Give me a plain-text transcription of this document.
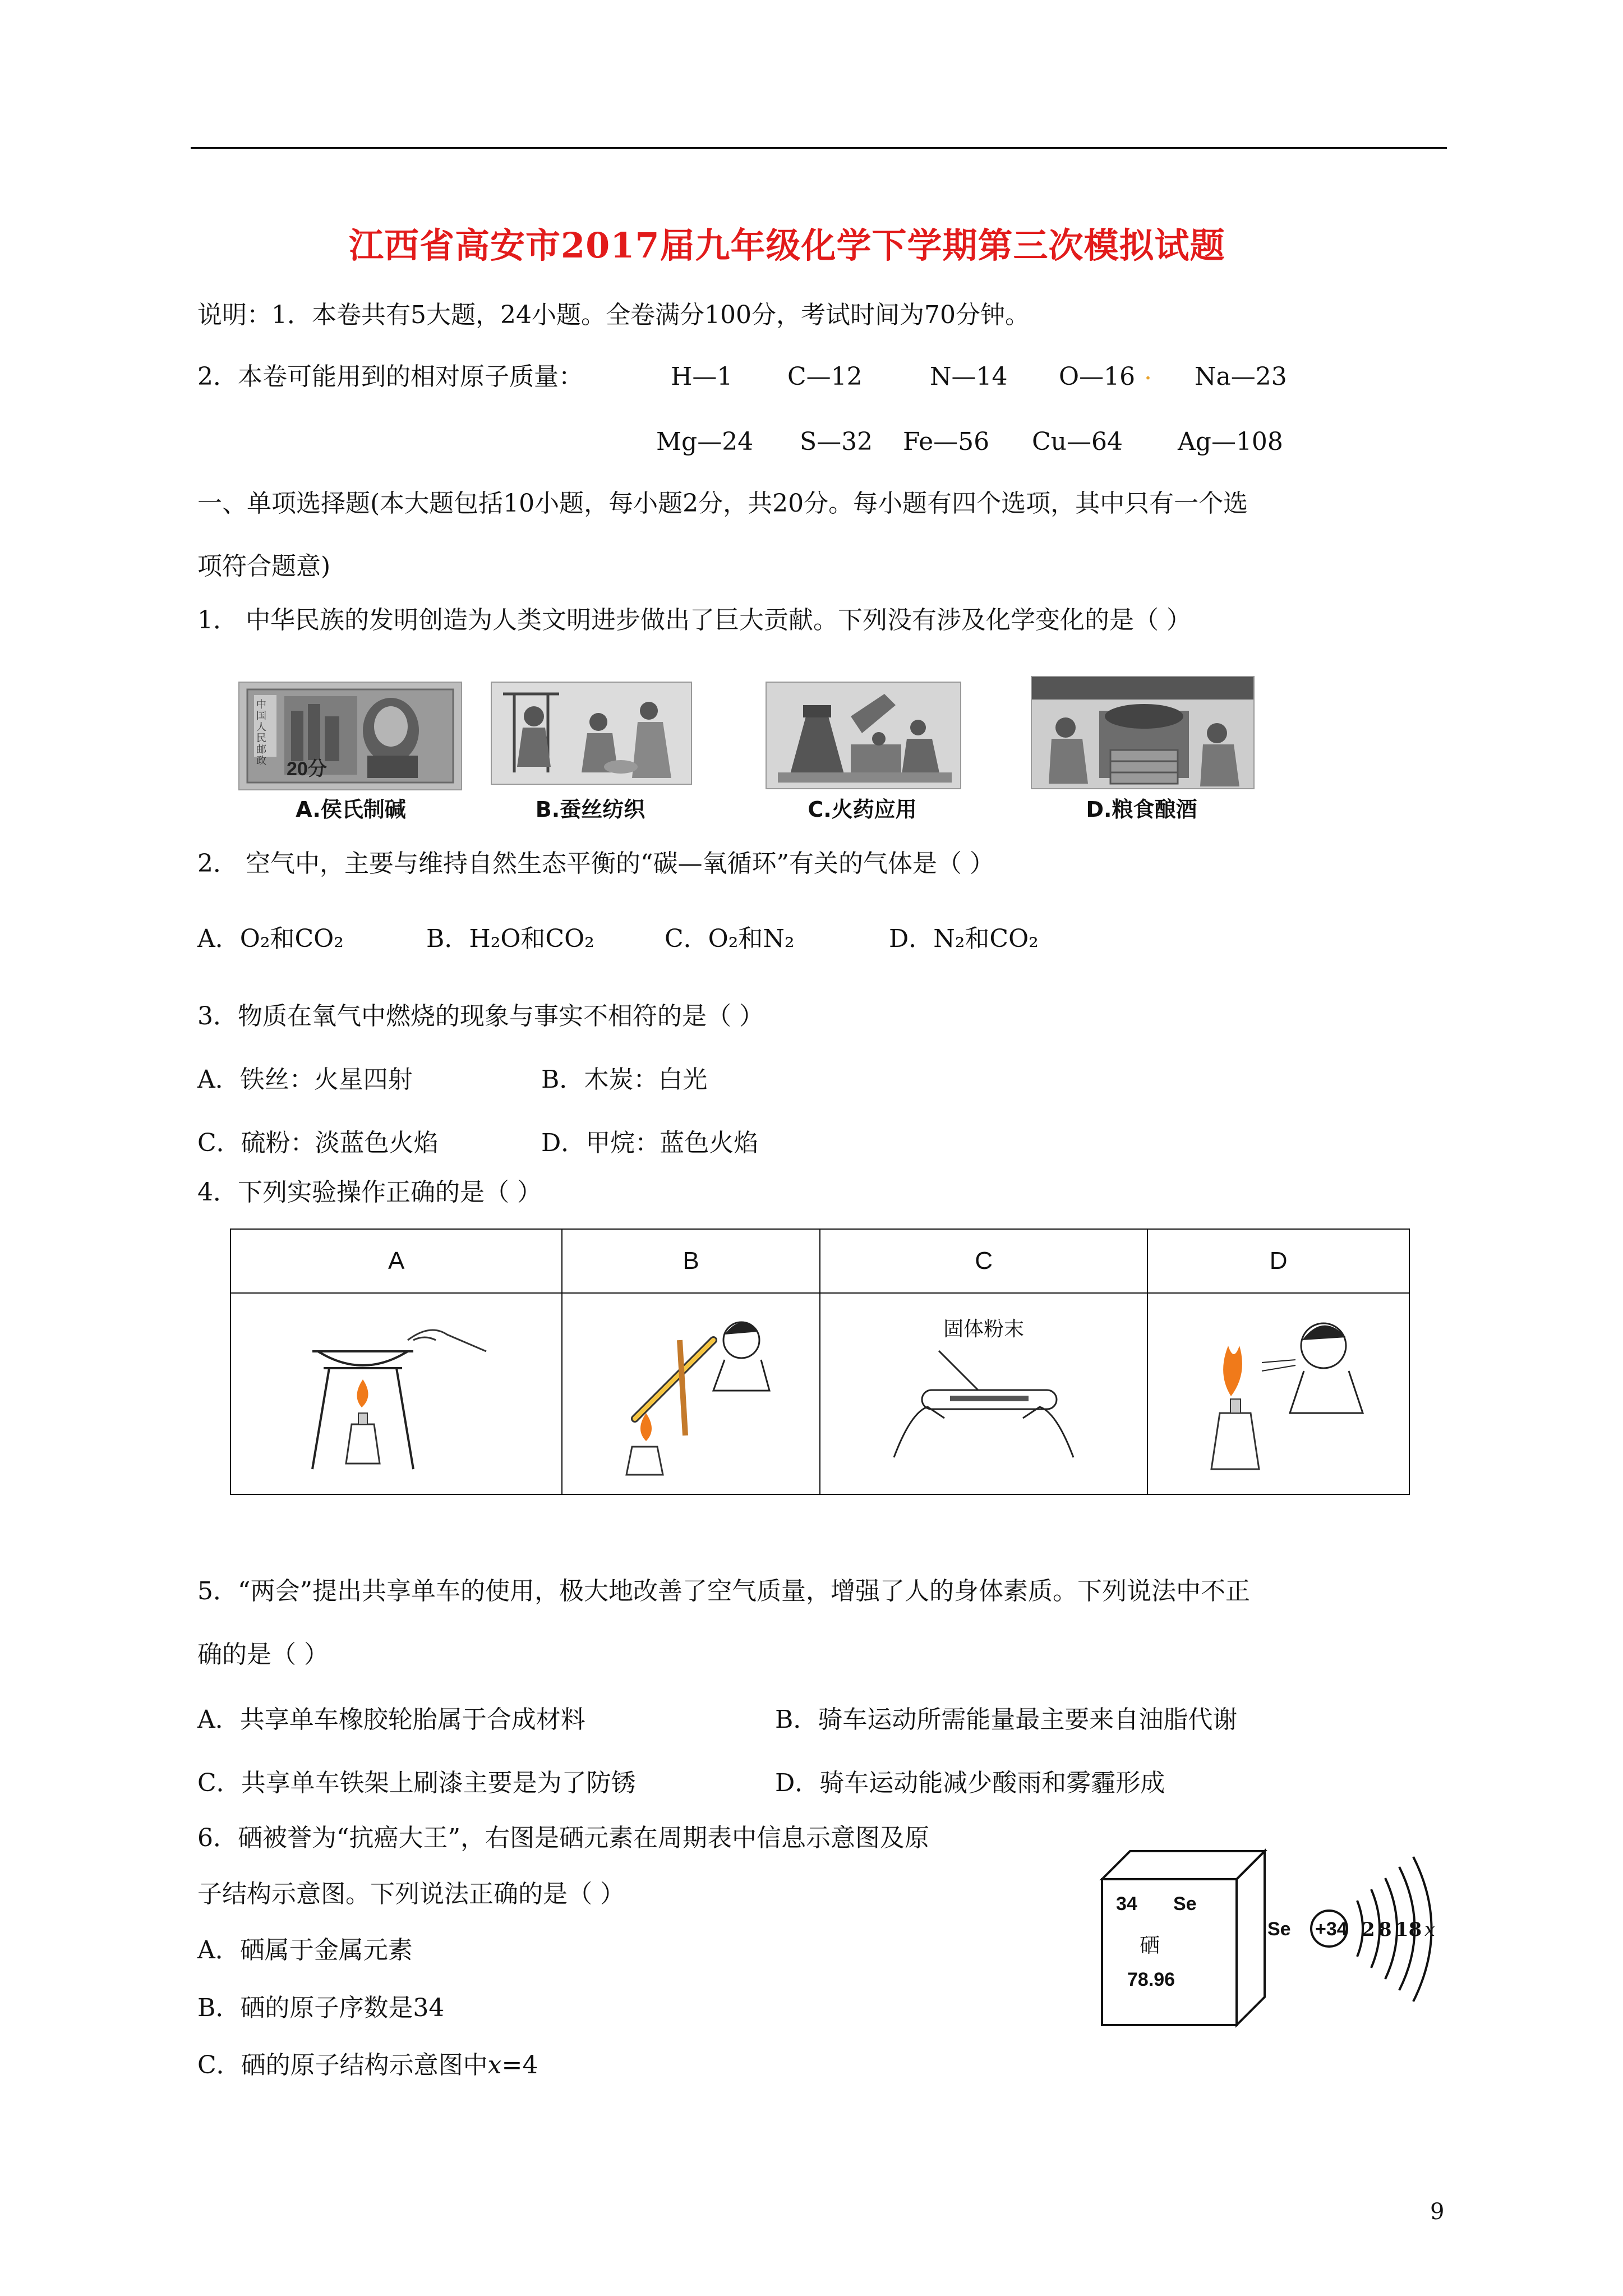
江西省高安市2017届九年级化学下学期第三次模拟试题
说明：1．本卷共有5大题，24小题。全卷满分100分，考试时间为70分钟。
2．本卷可能用到的相对原子质量：	H—1 C—12	N—14 O—16 . Na—23
Mg—24 S—32 Fe—56 Cu—64 Ag—108
一、单项选择题(本大题包括10小题，每小题2分，共20分。每小题有四个选项，其中只有一个选
项符合题意)
1． 中华民族的发明创造为人类文明进步做出了巨大贡献。下列没有涉及化学变化的是（ ）
中国人民邮政	20分
A.侯氏制碱	B.蚕丝纺织	C.火药应用	D.粮食酿酒
2． 空气中，主要与维持自然生态平衡的“碳—氧循环”有关的气体是（ ）
A．O₂和CO₂	B．H₂O和CO₂	C．O₂和N₂	D．N₂和CO₂
3．物质在氧气中燃烧的现象与事实不相符的是（ ）
A．铁丝：火星四射	B．木炭：白光
C．硫粉：淡蓝色火焰	D．甲烷：蓝色火焰
4．下列实验操作正确的是（ ）
A	B	C	D

固体粉末

5．“两会”提出共享单车的使用，极大地改善了空气质量，增强了人的身体素质。下列说法中不正
确的是（ ）
A．共享单车橡胶轮胎属于合成材料	B．骑车运动所需能量最主要来自油脂代谢
C．共享单车铁架上刷漆主要是为了防锈	D．骑车运动能减少酸雨和雾霾形成
6．硒被誉为“抗癌大王”，右图是硒元素在周期表中信息示意图及原
子结构示意图。下列说法正确的是（ ）
A．硒属于金属元素
B．硒的原子序数是34
C．硒的原子结构示意图中x=4
34 Se
硒
78.96
Se +34 2 8 18 x
9
